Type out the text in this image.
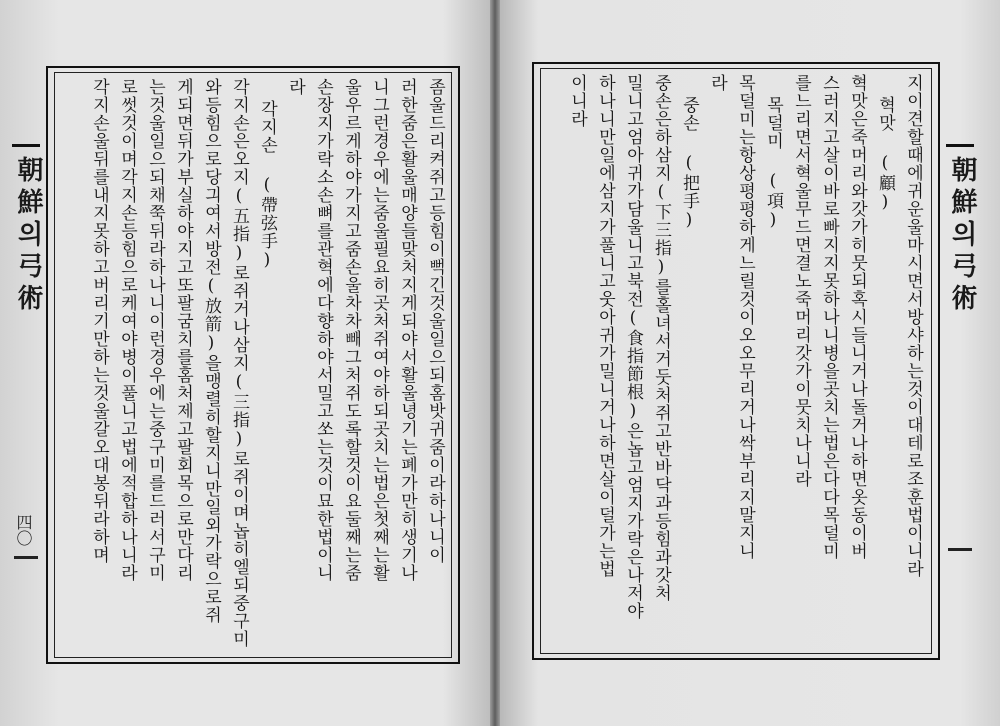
朝鮮의弓術
四〇	좀울드리켜쥐고등힘이뻑긴것울일으되홈밧귀줌이라하나니이
러한줌은활울매양들맞처지게되야서활울녕기는폐가만히생기나
니그런경우에는줌울필요히곳처쥐여야하되곳치는법은첫째는활
울우르게하야가지고줌손울차차빼그처쥐도록할것이요둘째는줌
손장지가락소손뼈를관혁에다향하야서밀고쏘는것이묘한법이니
라
각지손 (帶弦手)
각지손은오지(五指)로쥐거나삼지(三指)로쥐이며놉히엘되중구미
와등힘으로당긔여서방전(放箭)을맹렬히할지니만일외가락으로쥐
게되면뒤가부실하야지고또팔굼치를홈처제고팔회목으로만다리
는것울일으되채쭉뒤라하나니이런경우에는중구미를드러서구미
로썻것이며각지손등힘으로케여야병이풀니고법에적합하나니라
각지손울뒤를내지못하고버리기만하는것울갈오대봉뒤라하며	지이견할때에귀운울마시면서방샤하는것이대테로조훈법이니라
혁맛 (顧)
혁맛은죽머리와갓가히뭇되혹시들니거나돌거나하면옷동이버
스러지고살이바로빠지지못하나니병을곳치는법은다다목덜미
를느리면서혁울무드면결노죽머리갓가이뭇치나니라
목덜미 (項)
목덜미는항상평평하게느릴것이오오무리거나싹부리지말지니
라
중손 (把手)
중손은하삼지(下三指)를홀녀서거둣처쥐고반바닥과등힘과갓처
밀니고엄아귀가담울니고북전(食指節根)은놉고엄지가락은나저야
하나니만일에삼지가풀니고웃아귀가밀니거나하면살이덜가는법
이니라
朝鮮의弓術
